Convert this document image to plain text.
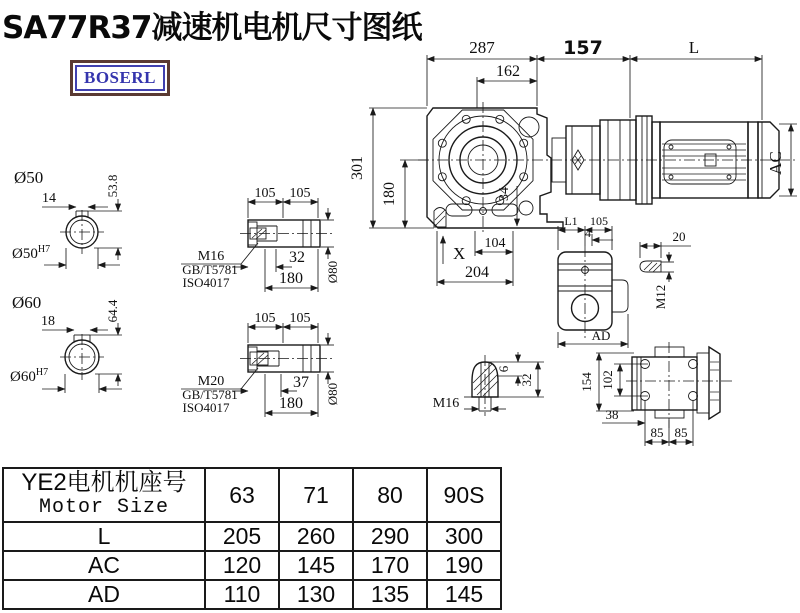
SA77R37减速机电机尺寸图纸
BOSERL
287
162
157	L
301
180
AC
34
X
104
204
Ø50
14
53.8
$Ø50^{H7}$
Ø60
18	64.4
$Ø60^{H7}$
105 105
M16
GB/T5781
ISO4017
32
180 Ø80
105 105
M20
GB/T5781
ISO4017
37
180 Ø80
L1 105
4
AD
20
M12
6
32
M16
154 102
38
85 85
YE2电机机座号
Motor Size	63	71	80	90S
L	205	260	290	300
AC	120	145	170	190
AD	110	130	135	145
